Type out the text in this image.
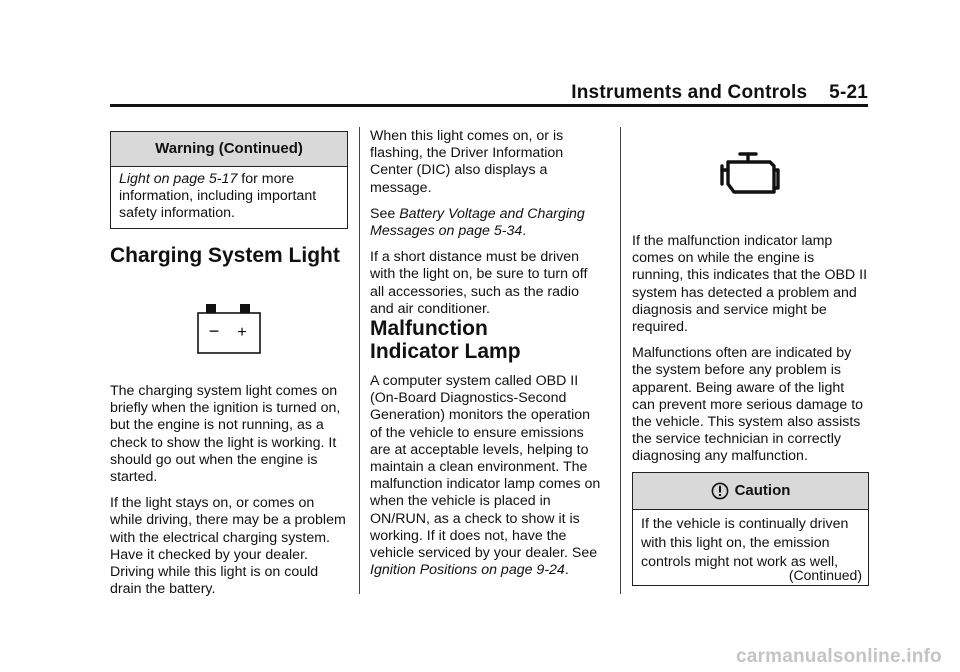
Instruments and Controls 5-21
Warning (Continued)

Light on page 5-17 for more information, including important safety information.

Charging System Light
− +

The charging system light comes on briefly when the ignition is turned on, but the engine is not running, as a check to show the light is working. It should go out when the engine is started.

If the light stays on, or comes on while driving, there may be a problem with the electrical charging system. Have it checked by your dealer. Driving while this light is on could drain the battery.

When this light comes on, or is flashing, the Driver Information Center (DIC) also displays a message.

See Battery Voltage and Charging Messages on page 5-34.

If a short distance must be driven with the light on, be sure to turn off all accessories, such as the radio and air conditioner.

Malfunction
Indicator Lamp

A computer system called OBD II (On-Board Diagnostics-Second Generation) monitors the operation of the vehicle to ensure emissions are at acceptable levels, helping to maintain a clean environment. The malfunction indicator lamp comes on when the vehicle is placed in ON/RUN, as a check to show it is working. If it does not, have the vehicle serviced by your dealer. See Ignition Positions on page 9-24.

If the malfunction indicator lamp comes on while the engine is running, this indicates that the OBD II system has detected a problem and diagnosis and service might be required.

Malfunctions often are indicated by the system before any problem is apparent. Being aware of the light can prevent more serious damage to the vehicle. This system also assists the service technician in correctly diagnosing any malfunction.

Caution

If the vehicle is continually driven with this light on, the emission controls might not work as well,

(Continued)
carmanualsonline.info
